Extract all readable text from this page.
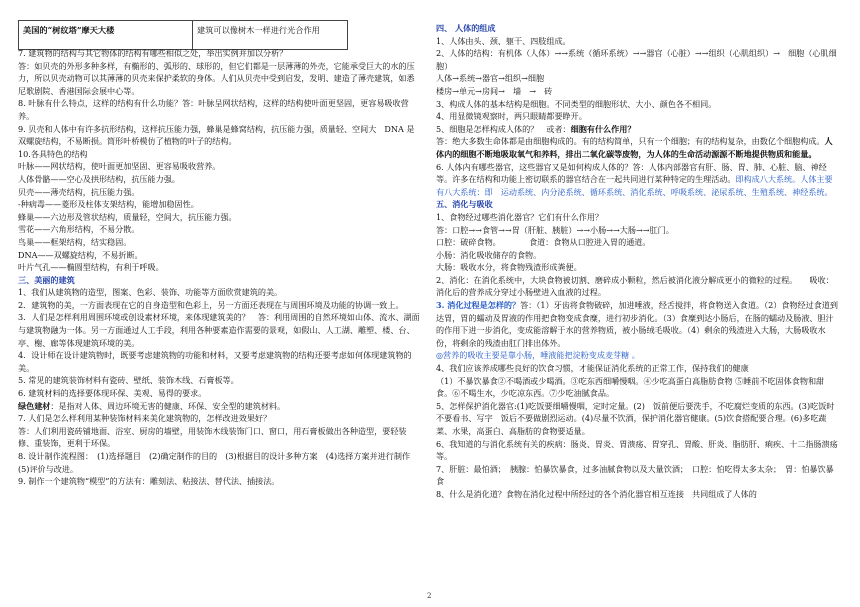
美国的“树纹塔”摩天大楼	建筑可以像树木一样进行光合作用

7. 建筑物的结构与其它物体的结构有哪些相似之处，举出实例并加以分析？

答：如贝壳的外形多种多样，有椭形的、弧形的、球形的，但它们都是一层薄薄的外壳，它能承受巨大的水的压力，所以贝壳动物可以其薄薄的贝壳来保护柔软的身体。人们从贝壳中受到启发，发明、建造了薄壳建筑，如悉尼歌剧院、香港国际会展中心等。

8. 叶脉有什么特点，这样的结构有什么功能？答：叶脉呈网状结构，这样的结构使叶面更坚固，更容易吸收营养。

9. 贝壳和人体中有许多抗形结构，这样抗压能力强，蜂巢是蜂窝结构，抗压能力强，质量轻、空间大　DNA 是双螺旋结构，不易断损。筒形叶桥模仿了植物的叶子的结构。

10.各具特色的结构

叶脉——网状结构，使叶面更加坚固、更容易吸收营养。

人体骨骼——空心及拱形结构，抗压能力强。

贝壳——薄壳结构，抗压能力强。

-种病毒——菱形及柱体支架结构，能增加稳固性。

蜂巢——六边形及管状结构，质量轻，空间大，抗压能力强。

雪花——六角形结构，不易分散。

鸟巢——框架结构，结实稳固。

DNA——双螺旋结构，不易折断。

叶片气孔——椭圆型结构，有利于呼吸。

三、美丽的建筑

1、我们从建筑物的造型，图案、色彩、装饰、功能等方面欣赏建筑的美。

2．建筑物的美，一方面表现在它的自身造型和色彩上，另一方面还表现在与周围环境及功能的协调一致上。

3．人们是怎样利用周围环境或创设素材环境，来体现建筑美的？　答：利用周围的自然环境如山体、流水、湖面与建筑物融为一体。另一方面通过人工手段，利用各种要素造作需要的景观，如假山、人工湖、雕塑、楼、台、亭、榭、廊等体现建筑环境的美。

4．设计师在设计建筑物时，既要考虑建筑物的功能和材料，又要考虑建筑物的结构还要考虑如何体现建筑物的美。

5. 常见的建筑装饰材料有瓷砖、壁纸、装饰木线、石膏板等。

6. 建筑材料的选择要体现环保、美观、易得的要求。

绿色建材：是指对人体、周边环境无害的健康、环保、安全型的建筑材料。

7. 人们是怎么样利用某种装饰材料来美化建筑物的，怎样改进效果好？

答：人们利用瓷砖铺地面、浴室、厨房的墙壁，用装饰木线装饰门口、窗口，用石膏板做出各种造型，要轻装修、重装饰，更利于环保。

8. 设计制作流程图：　(1)选择题目　(2)确定制作的目的　(3)根据目的设计多种方案　(4)选择方案并进行制作　(5)评价与改进。

9. 制作一个建筑物“模型”的方法有：雕刻法、粘接法、替代法、插接法。

四、 人体的组成

1、人体由头、颈、躯干、四肢组成。

2、人体的结构：有机体（人体）→→系统（循环系统）→→器官（心脏）→→组织（心肌组织）→　细胞（心肌细胞）

人体→系统→器官→组织→细胞

楼房→单元→房间→　墙　→　砖

3、构成人体的基本结构是细胞。不同类型的细胞形状、大小、颜色各不相同。

4、用显微镜观察时，两只眼睛都要睁开。

5、细胞是怎样构成人体的？　或者：细胞有什么作用？

答：绝大多数生命体都是由细胞构成的。有的结构简单，只有一个细胞；有的结构复杂，由数亿个细胞构成。人体内的细胞不断地吸取氧气和养料，排出二氧化碳等废物，为人体的生命活动源源不断地提供物质和能量。

6. 人体内有哪些器官，这些器官又是如何构成人体的？答：人体内部器官有肝、肠、胃、肺、心脏、脑、神经等。许多在结构和功能上密切联系的器官结合在一起共同进行某种特定的生理活动。即构成八大系统。人体主要有八大系统：即　运动系统、内分泌系统、循环系统、消化系统、呼吸系统、泌尿系统、生殖系统、神经系统。

五、消化与吸收

1、食物经过哪些消化器官？它们有什么作用？

答：口腔→→食管→→胃（肝脏、胰脏）→→小肠→→大肠→→肛门。

口腔：破碎食物。　　　　食道：食物从口腔进入胃的通道。

小肠：消化吸收储存的食物。

大肠：吸收水分，将食物残渣形成粪便。

2、消化：在消化系统中，大块食物被切割、磨碎成小颗粒，然后被消化液分解成更小的微粒的过程。　　吸收：消化后的营养成分穿过小肠壁进入血液的过程。

3. 消化过程是怎样的？答：（1）牙齿将食物破碎，加进唾液，经舌搅拌，将食物送入食道。（2）食物经过食道到达胃，胃的蠕动及胃液的作用把食物变成食糜，进行初步消化。（3）食糜到达小肠后，在肠的蠕动及肠液、胆汁的作用下进一步消化，变成能溶解于水的营养物质，被小肠绒毛吸收。（4）剩余的残渣进入大肠，大肠吸收水份，将剩余的残渣由肛门排出体外。

◎营养的吸收主要是靠小肠，唾液能把淀粉变成麦芽糖 。

4、我们应该养成哪些良好的饮食习惯，才能保证消化系统的正常工作，保持我们的健康

（1）不暴饮暴食②不喝酒或少喝酒。③吃东西细嚼慢咽。④少吃高蛋白高脂肪食物 ⑤睡前不吃固体食物和甜食。⑥不喝生水，少吃凉东西。⑦少吃油腻食品。

5、怎样保护消化器官:(1)吃饭要细嚼慢咽，定时定量。(2)　饭前便后要洗手，不吃腐烂变质的东西。(3)吃饭时不要看书、写字　饭后不要做剧烈运动。(4)尽量不饮酒，保护消化器官健康。(5)饮食搭配要合理。(6)多吃蔬菜、水果，高蛋白、高脂肪的食物要适量。

6、我知道的与消化系统有关的疾病：肠炎、胃炎、胃溃疡、胃穿孔、胃酸、肝炎、脂肪肝、痢疾、十二指肠溃疡等。

7、肝脏：最怕酒；　胰腺：怕暴饮暴食，过多油腻食物以及大量饮酒；　口腔：怕吃得太多太杂；　胃：怕暴饮暴食

8、什么是消化道？食物在消化过程中所经过的各个消化器官相互连接　共同组成了人体的

2
